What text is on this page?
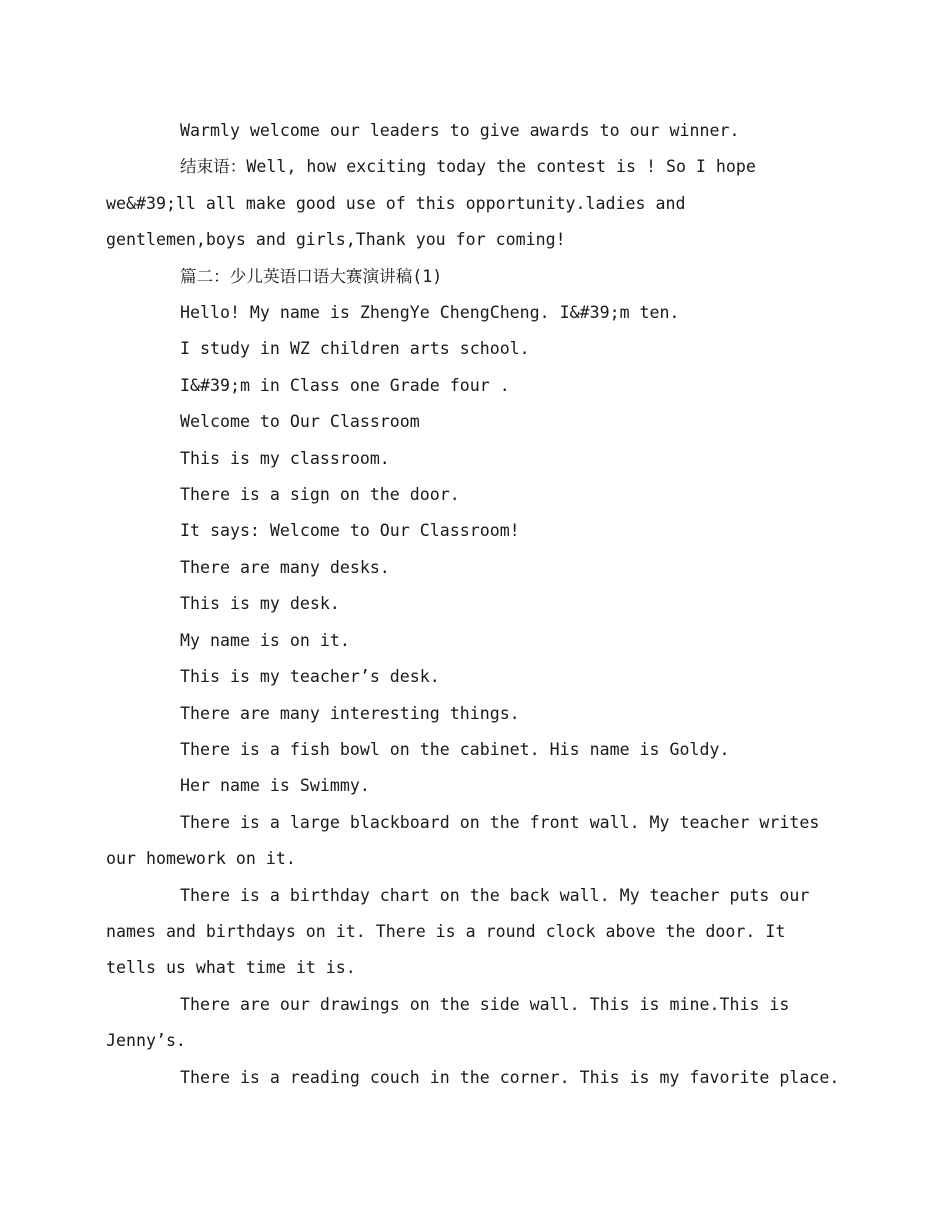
Warmly welcome our leaders to give awards to our winner.
结束语：Well, how exciting today the contest is ! So I hope
we&#39;ll all make good use of this opportunity.ladies and
gentlemen,boys and girls,Thank you for coming!
篇二：少儿英语口语大赛演讲稿(1)
Hello! My name is ZhengYe ChengCheng. I&#39;m ten.
I study in WZ children arts school.
I&#39;m in Class one Grade four .
Welcome to Our Classroom
This is my classroom.
There is a sign on the door.
It says: Welcome to Our Classroom!
There are many desks.
This is my desk.
My name is on it.
This is my teacher’s desk.
There are many interesting things.
There is a fish bowl on the cabinet. His name is Goldy.
Her name is Swimmy.
There is a large blackboard on the front wall. My teacher writes
our homework on it.
There is a birthday chart on the back wall. My teacher puts our
names and birthdays on it. There is a round clock above the door. It
tells us what time it is.
There are our drawings on the side wall. This is mine.This is
Jenny’s.
There is a reading couch in the corner. This is my favorite place.
